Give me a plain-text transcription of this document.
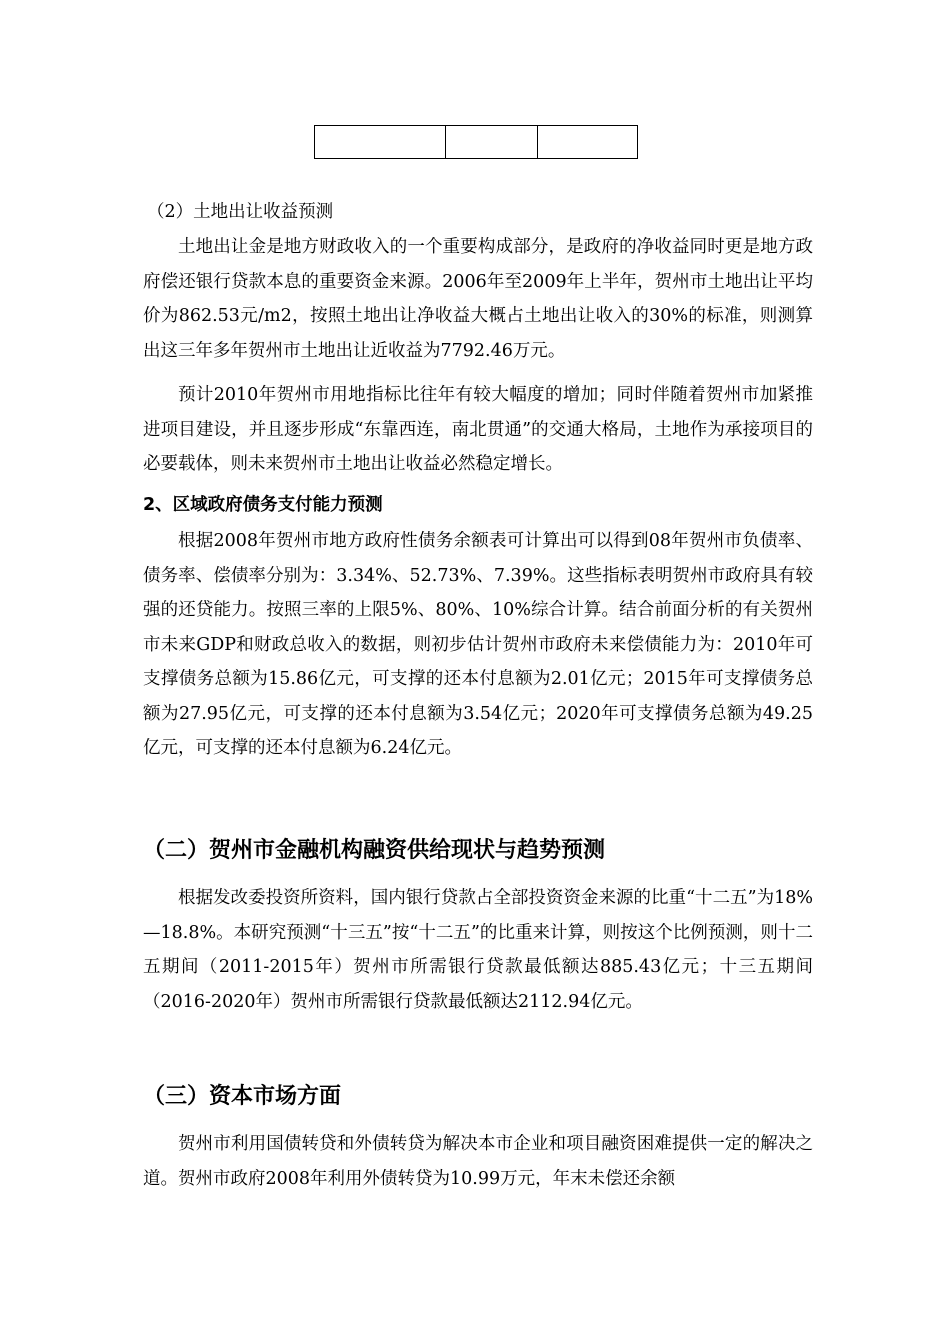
（2）土地出让收益预测

土地出让金是地方财政收入的一个重要构成部分，是政府的净收益同时更是地方政府偿还银行贷款本息的重要资金来源。2006年至2009年上半年，贺州市土地出让平均价为862.53元/m2，按照土地出让净收益大概占土地出让收入的30%的标准，则测算出这三年多年贺州市土地出让近收益为7792.46万元。

预计2010年贺州市用地指标比往年有较大幅度的增加；同时伴随着贺州市加紧推进项目建设，并且逐步形成“东靠西连，南北贯通”的交通大格局，土地作为承接项目的必要载体，则未来贺州市土地出让收益必然稳定增长。

2、区域政府债务支付能力预测

根据2008年贺州市地方政府性债务余额表可计算出可以得到08年贺州市负债率、债务率、偿债率分别为：3.34%、52.73%、7.39%。这些指标表明贺州市政府具有较强的还贷能力。按照三率的上限5%、80%、10%综合计算。结合前面分析的有关贺州市未来GDP和财政总收入的数据，则初步估计贺州市政府未来偿债能力为：2010年可支撑债务总额为15.86亿元，可支撑的还本付息额为2.01亿元；2015年可支撑债务总额为27.95亿元，可支撑的还本付息额为3.54亿元；2020年可支撑债务总额为49.25亿元，可支撑的还本付息额为6.24亿元。

（二）贺州市金融机构融资供给现状与趋势预测

根据发改委投资所资料，国内银行贷款占全部投资资金来源的比重“十二五”为18%—18.8%。本研究预测“十三五”按“十二五”的比重来计算，则按这个比例预测，则十二五期间（2011-2015年）贺州市所需银行贷款最低额达885.43亿元；十三五期间（2016-2020年）贺州市所需银行贷款最低额达2112.94亿元。

（三）资本市场方面

贺州市利用国债转贷和外债转贷为解决本市企业和项目融资困难提供一定的解决之道。贺州市政府2008年利用外债转贷为10.99万元，年末未偿还余额
